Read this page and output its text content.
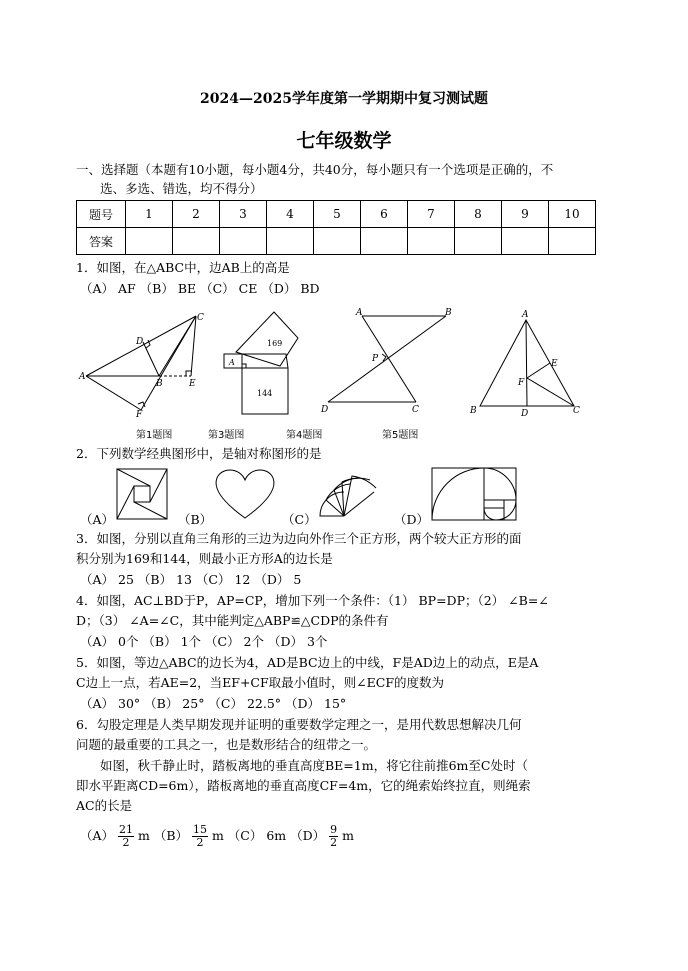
2024—2025学年度第一学期期中复习测试题
七年级数学
一、选择题（本题有10小题，每小题4分，共40分，每小题只有一个选项是正确的，不
选、多选、错选，均不得分）
题号	1	2	3	4	5	6	7	8	9	10
答案										
1．如图，在△ABC中，边AB上的高是
（A） AF （B） BE （C） CE （D） BD
A
C
B	E
D
F
第1题图
169
144
A
第3题图
A	B
P
D	C
第4题图
A
B	C
D
E
F
第5题图
2．下列数学经典图形中，是轴对称图形的是
（A）	（B）	（C）	（D）
3．如图，分别以直角三角形的三边为边向外作三个正方形，两个较大正方形的面
积分别为169和144，则最小正方形A的边长是
（A） 25 （B） 13 （C） 12 （D） 5
4．如图，AC⊥BD于P，AP=CP，增加下列一个条件：（1） BP=DP；（2） ∠B=∠
D；（3） ∠A=∠C，其中能判定△ABP≌△CDP的条件有
（A） 0个 （B） 1个 （C） 2个 （D） 3个
5．如图，等边△ABC的边长为4，AD是BC边上的中线，F是AD边上的动点，E是A
C边上一点，若AE=2，当EF+CF取最小值时，则∠ECF的度数为
（A） 30° （B） 25° （C） 22.5° （D） 15°
6．勾股定理是人类早期发现并证明的重要数学定理之一，是用代数思想解决几何
问题的最重要的工具之一，也是数形结合的纽带之一。
如图，秋千静止时，踏板离地的垂直高度BE=1m，将它往前推6m至C处时（
即水平距离CD=6m），踏板离地的垂直高度CF=4m，它的绳索始终拉直，则绳索
AC的长是
$(A) \frac{21}{2}$ m $(B) \frac{15}{2}$ m （C） 6m $(D) \frac{9}{2}$ m
